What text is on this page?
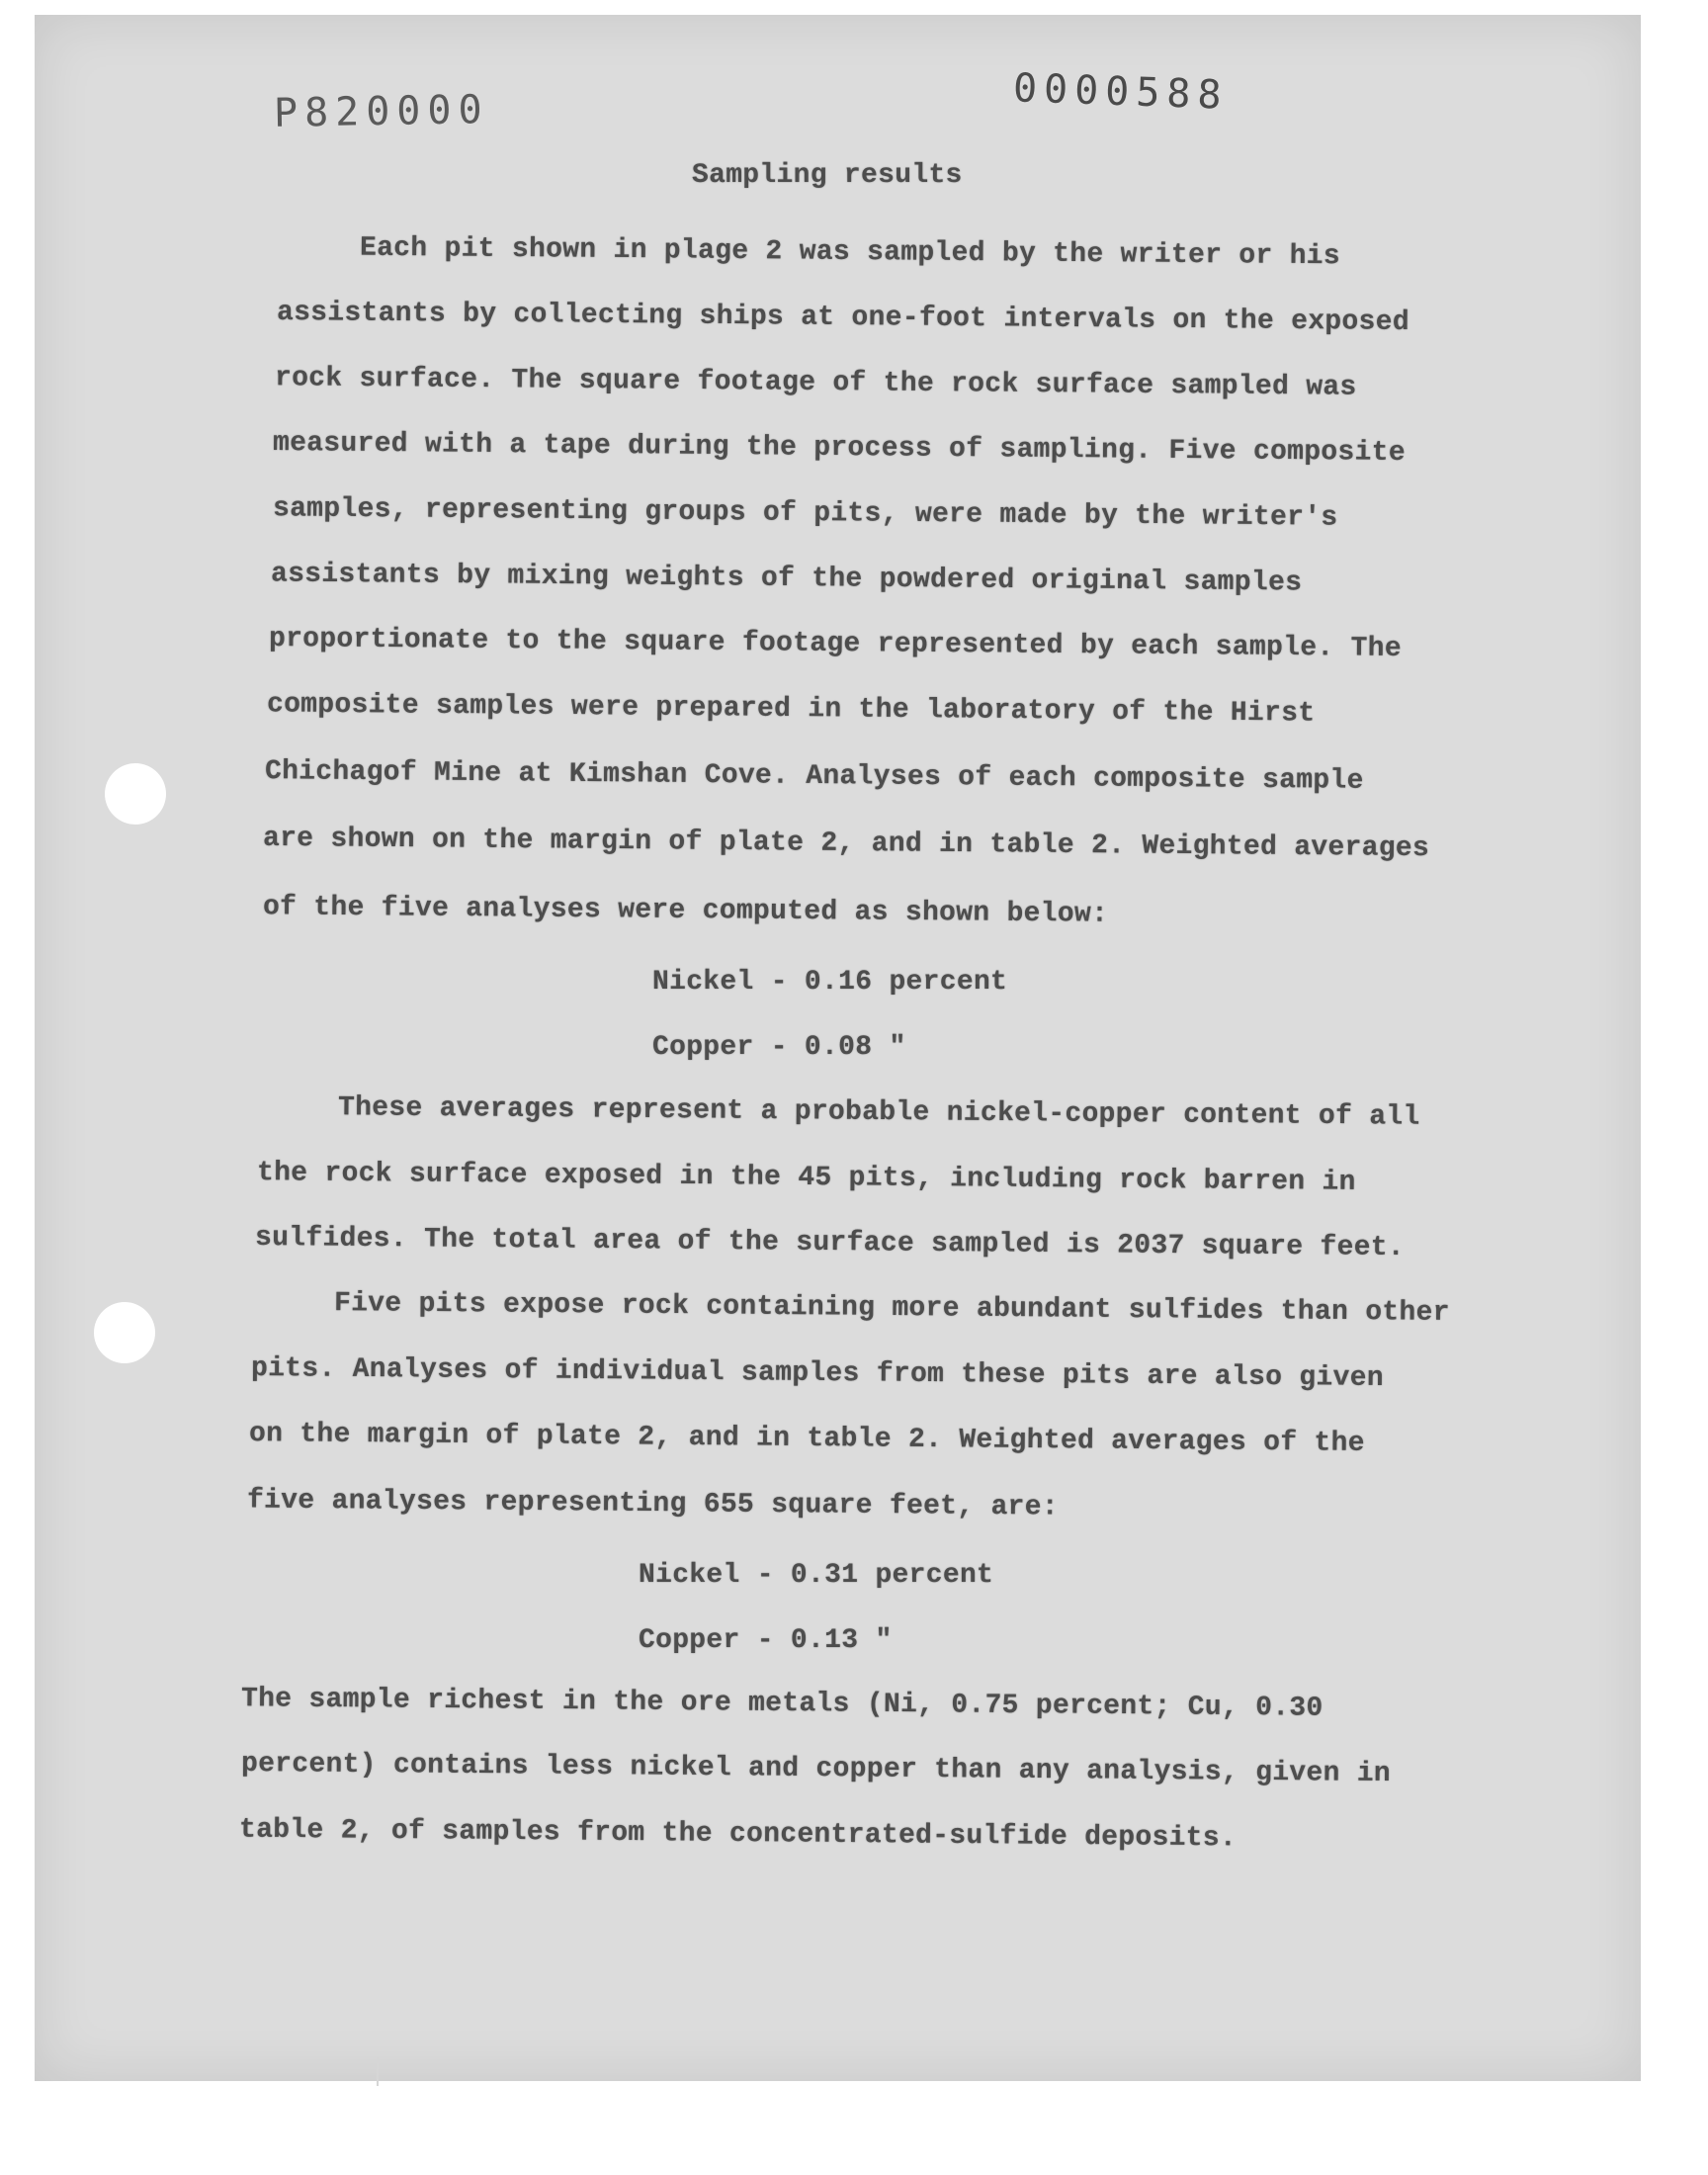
P820000	0000588
Sampling results
Each pit shown in plage 2 was sampled by the writer or his
assistants by collecting ships at one-foot intervals on the exposed
rock surface. The square footage of the rock surface sampled was
measured with a tape during the process of sampling. Five composite
samples, representing groups of pits, were made by the writer's
assistants by mixing weights of the powdered original samples
proportionate to the square footage represented by each sample. The
composite samples were prepared in the laboratory of the Hirst
Chichagof Mine at Kimshan Cove. Analyses of each composite sample
are shown on the margin of plate 2, and in table 2. Weighted averages
of the five analyses were computed as shown below:
Nickel - 0.16 percent
Copper - 0.08 "
These averages represent a probable nickel-copper content of all
the rock surface exposed in the 45 pits, including rock barren in
sulfides. The total area of the surface sampled is 2037 square feet.
Five pits expose rock containing more abundant sulfides than other
pits. Analyses of individual samples from these pits are also given
on the margin of plate 2, and in table 2. Weighted averages of the
five analyses representing 655 square feet, are:
Nickel - 0.31 percent
Copper - 0.13 "
The sample richest in the ore metals (Ni, 0.75 percent; Cu, 0.30
percent) contains less nickel and copper than any analysis, given in
table 2, of samples from the concentrated-sulfide deposits.
